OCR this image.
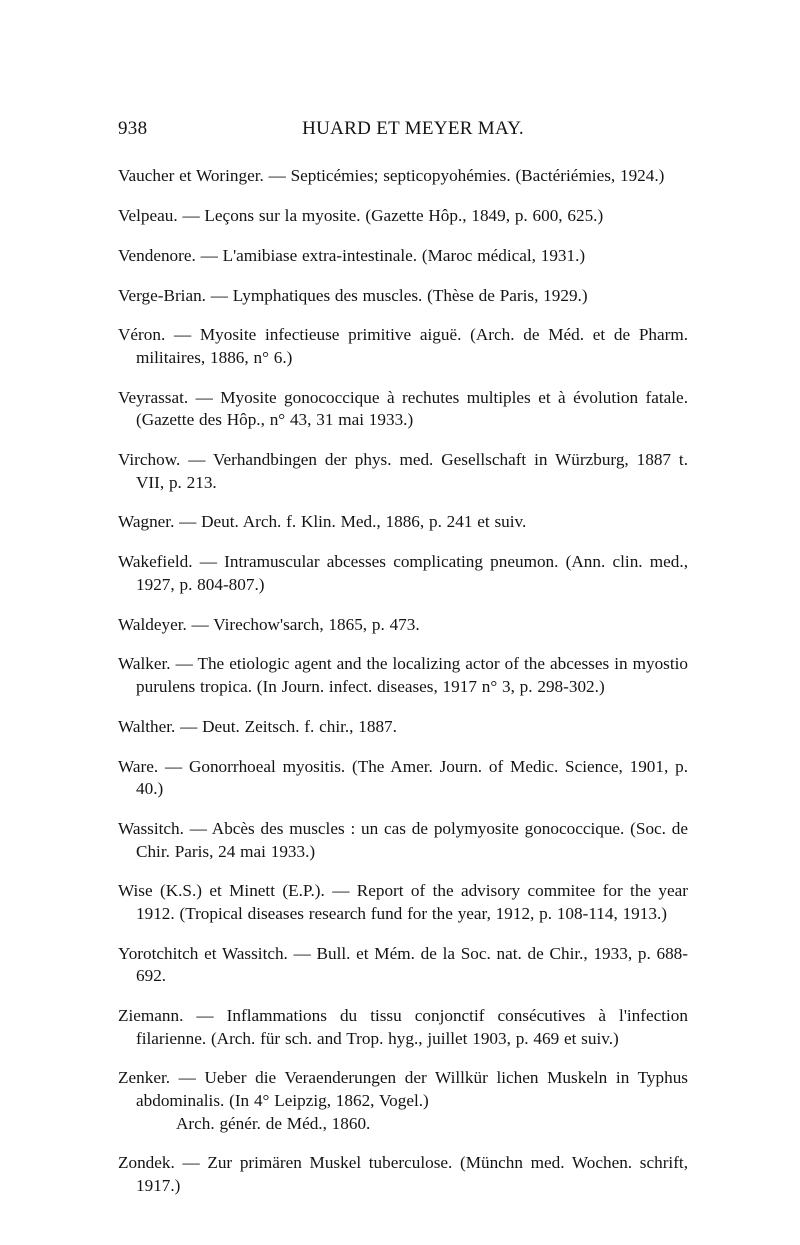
938	HUARD ET MEYER MAY.

Vaucher et Woringer. — Septicémies; septicopyohémies. (Bactériémies, 1924.)

Velpeau. — Leçons sur la myosite. (Gazette Hôp., 1849, p. 600, 625.)

Vendenore. — L'amibiase extra-intestinale. (Maroc médical, 1931.)

Verge-Brian. — Lymphatiques des muscles. (Thèse de Paris, 1929.)

Véron. — Myosite infectieuse primitive aiguë. (Arch. de Méd. et de Pharm. militaires, 1886, n° 6.)

Veyrassat. — Myosite gonococcique à rechutes multiples et à évolution fatale. (Gazette des Hôp., n° 43, 31 mai 1933.)

Virchow. — Verhandbingen der phys. med. Gesellschaft in Würzburg, 1887 t. VII, p. 213.

Wagner. — Deut. Arch. f. Klin. Med., 1886, p. 241 et suiv.

Wakefield. — Intramuscular abcesses complicating pneumon. (Ann. clin. med., 1927, p. 804-807.)

Waldeyer. — Virechow'sarch, 1865, p. 473.

Walker. — The etiologic agent and the localizing actor of the abcesses in myostio purulens tropica. (In Journ. infect. diseases, 1917 n° 3, p. 298-302.)

Walther. — Deut. Zeitsch. f. chir., 1887.

Ware. — Gonorrhoeal myositis. (The Amer. Journ. of Medic. Science, 1901, p. 40.)

Wassitch. — Abcès des muscles : un cas de polymyosite gonococcique. (Soc. de Chir. Paris, 24 mai 1933.)

Wise (K.S.) et Minett (E.P.). — Report of the advisory commitee for the year 1912. (Tropical diseases research fund for the year, 1912, p. 108-114, 1913.)

Yorotchitch et Wassitch. — Bull. et Mém. de la Soc. nat. de Chir., 1933, p. 688-692.

Ziemann. — Inflammations du tissu conjonctif consécutives à l'infection filarienne. (Arch. für sch. and Trop. hyg., juillet 1903, p. 469 et suiv.)

Zenker. — Ueber die Veraenderungen der Willkür lichen Muskeln in Typhus abdominalis. (In 4° Leipzig, 1862, Vogel.)
Arch. génér. de Méd., 1860.

Zondek. — Zur primären Muskel tuberculose. (Münchn med. Wochen. schrift, 1917.)
